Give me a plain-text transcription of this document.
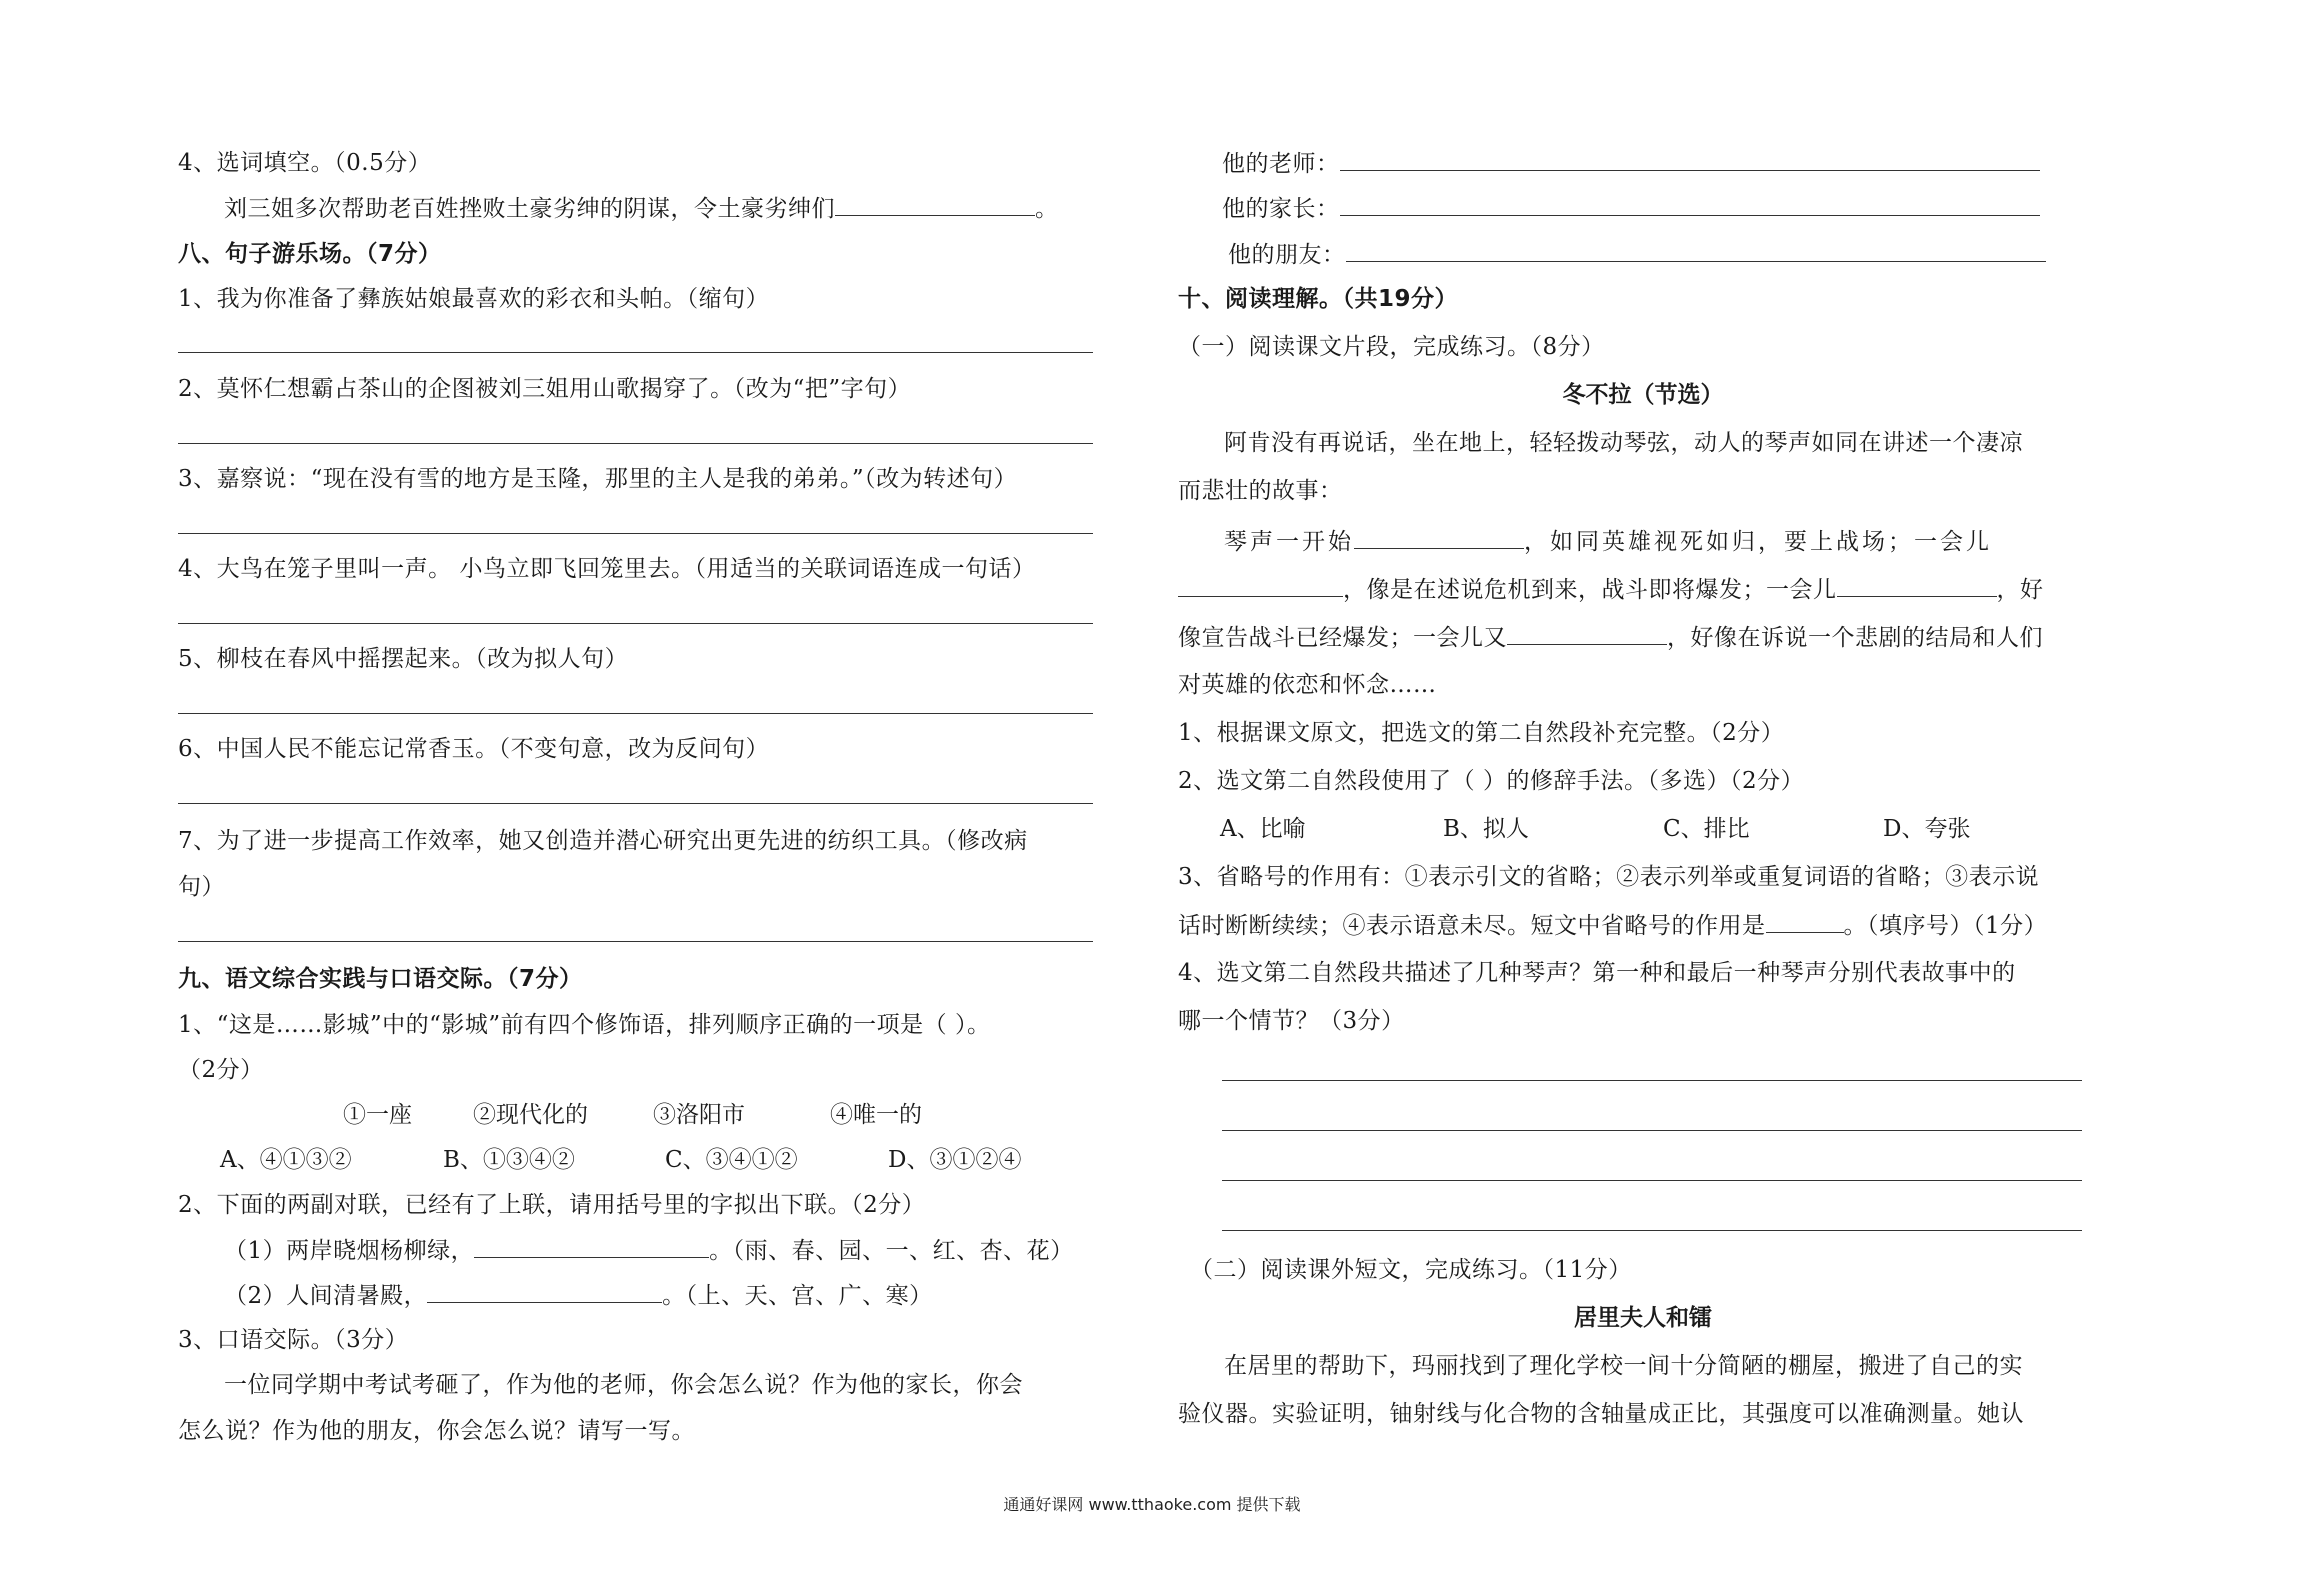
4、选词填空。（0.5分）
刘三姐多次帮助老百姓挫败土豪劣绅的阴谋，令土豪劣绅们	。
八、句子游乐场。（7分）
1、我为你准备了彝族姑娘最喜欢的彩衣和头帕。（缩句）
2、莫怀仁想霸占茶山的企图被刘三姐用山歌揭穿了。（改为“把”字句）
3、嘉察说：“现在没有雪的地方是玉隆，那里的主人是我的弟弟。”（改为转述句）
4、大鸟在笼子里叫一声。 小鸟立即飞回笼里去。（用适当的关联词语连成一句话）
5、柳枝在春风中摇摆起来。（改为拟人句）
6、中国人民不能忘记常香玉。（不变句意，改为反问句）
7、为了进一步提高工作效率，她又创造并潜心研究出更先进的纺织工具。（修改病
句）
九、语文综合实践与口语交际。（7分）
1、“这是……影城”中的“影城”前有四个修饰语，排列顺序正确的一项是（ ）。
（2分）
①一座	②现代化的	③洛阳市	④唯一的
A、④①③②	B、①③④②	C、③④①②	D、③①②④
2、下面的两副对联，已经有了上联，请用括号里的字拟出下联。（2分）
（1）两岸晓烟杨柳绿，	。（雨、春、园、一、红、杏、花）
（2）人间清暑殿，	。（上、天、宫、广、寒）
3、口语交际。（3分）
一位同学期中考试考砸了，作为他的老师，你会怎么说？作为他的家长，你会
怎么说？作为他的朋友，你会怎么说？请写一写。
他的老师：
他的家长：
他的朋友：
十、阅读理解。（共19分）
（一）阅读课文片段，完成练习。（8分）
冬不拉（节选）
阿肯没有再说话，坐在地上，轻轻拨动琴弦，动人的琴声如同在讲述一个凄凉
而悲壮的故事：
琴声一开始	，如同英雄视死如归，要上战场；一会儿
，像是在述说危机到来，战斗即将爆发；一会儿	，好
像宣告战斗已经爆发；一会儿又	，好像在诉说一个悲剧的结局和人们
对英雄的依恋和怀念……
1、根据课文原文，把选文的第二自然段补充完整。（2分）
2、选文第二自然段使用了（ ）的修辞手法。（多选）（2分）
A、比喻	B、拟人	C、排比	D、夸张
3、省略号的作用有：①表示引文的省略；②表示列举或重复词语的省略；③表示说
话时断断续续；④表示语意未尽。短文中省略号的作用是	。（填序号）（1分）
4、选文第二自然段共描述了几种琴声？第一种和最后一种琴声分别代表故事中的
哪一个情节？（3分）
（二）阅读课外短文，完成练习。（11分）
居里夫人和镭
在居里的帮助下，玛丽找到了理化学校一间十分简陋的棚屋，搬进了自己的实
验仪器。实验证明，铀射线与化合物的含轴量成正比，其强度可以准确测量。她认
通通好课网 www.tthaoke.com 提供下载
